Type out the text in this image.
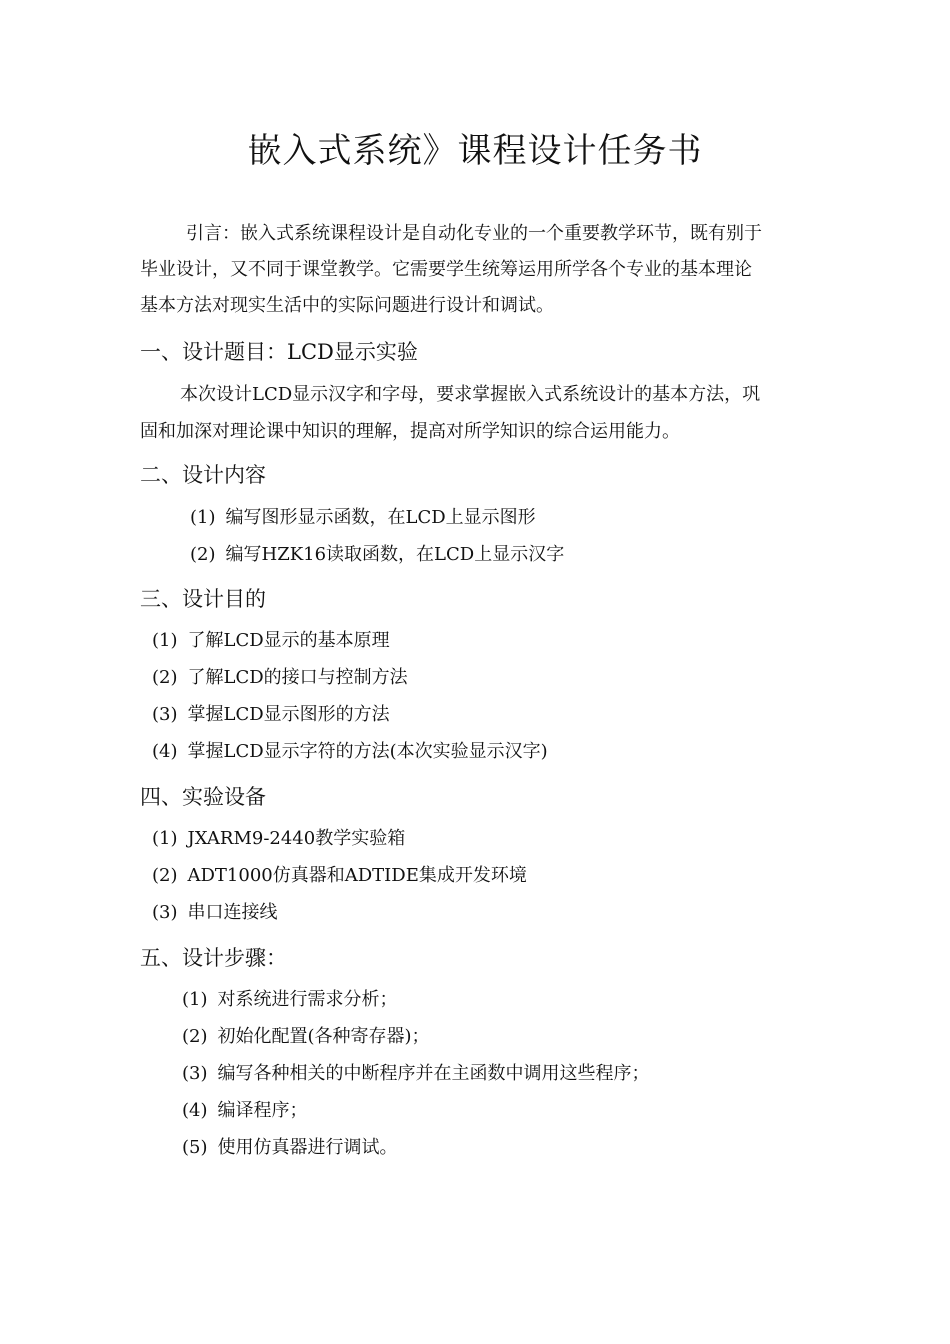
嵌入式系统》课程设计任务书

引言：嵌入式系统课程设计是自动化专业的一个重要教学环节，既有别于

毕业设计，又不同于课堂教学。它需要学生统筹运用所学各个专业的基本理论

基本方法对现实生活中的实际问题进行设计和调试。

一、设计题目：LCD显示实验

本次设计LCD显示汉字和字母，要求掌握嵌入式系统设计的基本方法，巩

固和加深对理论课中知识的理解，提高对所学知识的综合运用能力。

二、设计内容
(1) 编写图形显示函数，在LCD上显示图形
(2) 编写HZK16读取函数，在LCD上显示汉字
三、设计目的
(1) 了解LCD显示的基本原理
(2) 了解LCD的接口与控制方法
(3) 掌握LCD显示图形的方法
(4) 掌握LCD显示字符的方法(本次实验显示汉字)
四、实验设备
(1) JXARM9-2440教学实验箱
(2) ADT1000仿真器和ADTIDE集成开发环境
(3) 串口连接线
五、设计步骤：
(1) 对系统进行需求分析；
(2) 初始化配置(各种寄存器)；
(3) 编写各种相关的中断程序并在主函数中调用这些程序；
(4) 编译程序；
(5) 使用仿真器进行调试。
